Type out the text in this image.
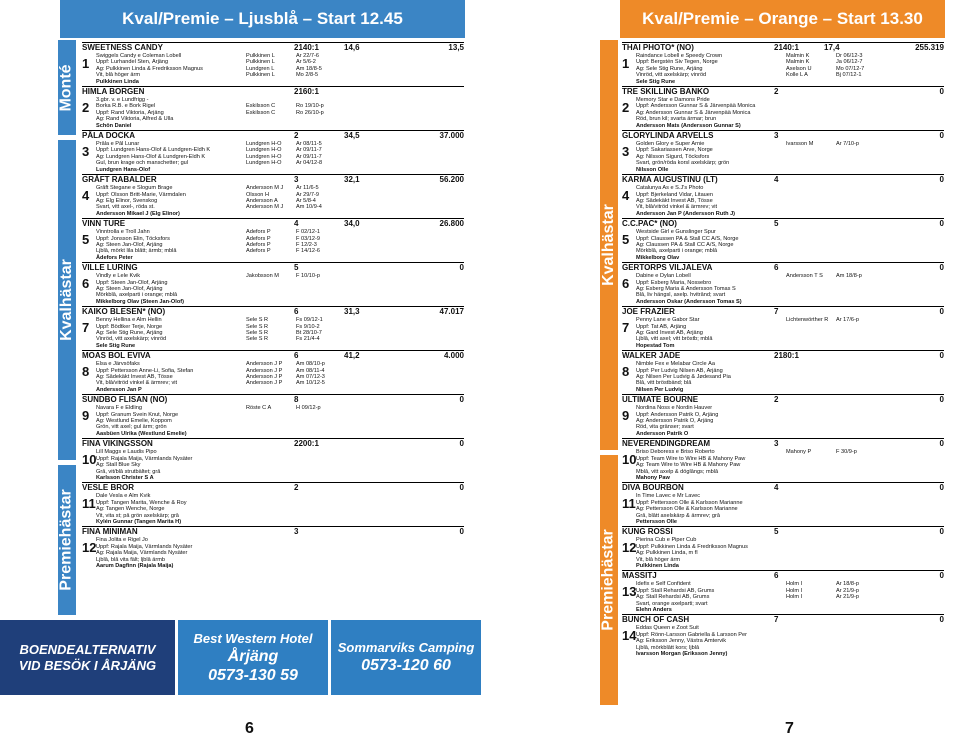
Kval/Premie – Ljusblå – Start 12.45
Monté
Kvalhästar
Premiehästar
SWEETNESS CANDY	2140:1	14,6	13,5
1	Swiggels Candy e Coleman Lobell	Pulkkinen L	År 22/7-6
Uppf: Lurhandel Sten, Årjäng	Pulkkinen L	År 5/6-2
Äg: Pulkkinen Linda & Fredriksson Magnus	Lundgren L	Åm 18/8-5
Vit, blå höger ärm	Pulkkinen L	Mo 2/8-5
Pulkkinen Linda
HIMLA BORGEN	2160:1
2	3.gbr. v. e Lundfrigg -
Borka R.B. e Bork Rigel	Eskilsson C	Ro 19/10-p
Uppf: Rand Viktoria, Årjäng	Eskilsson C	Ro 26/10-p
Äg: Rand Viktoria, Alfred & Ulla
Schön Daniel
PÅLA DOCKA	2	34,5	37.000
3	Pråla e Pål Lunar	Lundgren H-O	År 08/11-5
Uppf: Lundgren Hans-Olof & Lundgren-Eldh K	Lundgren H-O	År 09/11-7
Äg: Lundgren Hans-Olof & Lundgren-Eldh K	Lundgren H-O	År 09/11-7
Gul, brun krage och manschetter; gul	Lundgren H-O	År 04/12-8
Lundgren Hans-Olof
GRÅFT RABALDER	3	32,1	56.200
4	Gråft Stegane e Slogum Brage	Andersson M J	År 11/6-5
Uppf: Olsson Britt-Marie, Värmdalen	Olsson H	År 29/7-9
Äg: Elg Elinor, Svenskog	Andersson A	År 5/8-4
Svart, vitt axel-, röda st.	Andersson M J	Åm 10/9-4
Andersson Mikael J (Elg Elinor)
VINN TURE	4	34,0	26.800
5	Vinntrolla e Troll Jahn	Ådefors P	F 02/12-1
Uppf: Jonsson Elin, Töcksfors	Ådefors P	F 03/12-9
Äg: Steen Jan-Olof, Årjäng	Ådefors P	F 12/2-3
Ljblå, mörkt lila blått; ärmb; mblå	Ådefors P	F 14/12-6
Ådefors Peter
VILLE LURING	5	0
6	Vindly e Lele Kvik	Jakobsson M	F 10/10-p
Uppf: Steen Jan-Olof, Årjäng
Äg: Steen Jan-Olof, Årjäng
Mörkblå, axelparti i orange; mblå
Mikkelborg Olav (Steen Jan-Olof)
KAIKO BLESEN* (NO)	6	31,3	47.017
7	Benny Hellina e Alm Hellin	Sele S R	Fs 09/12-1
Uppf: Bödtker Terje, Norge	Sele S R	Fs 9/10-2
Äg: Sele Stig Rune, Årjäng	Sele S R	Bt 28/10-7
Vinröd, vitt axelskärp; vinröd	Sele S R	Fs 21/4-4
Sele Stig Rune
MOAS BOL EVIVA	6	41,2	4.000
8	Elsa e Järvsöfaks	Andersson J P	Åm 08/10-p
Uppf: Pettersson Anne-Li, Sofia, Stefan	Andersson J P	Åm 08/11-4
Äg: Sådekäkt Invest AB, Tösse	Andersson J P	Åm 07/12-3
Vit, blå/vitröd vinkel & ärmrev; vit	Andersson J P	Åm 10/12-5
Andersson Jan P
SUNDBO FLISAN (NO)	8	0
9	Navara F e Eldling	Röste C A	H 09/12-p
Uppf: Granum Svein Knut, Norge
Äg: Westlund Emelie, Koppom
Grön, vitt axel; gul ärm; grön
Aasbüen Ulrika (Westlund Emelie)
FINA VIKINGSSON	2200:1	0
10 Lill Maggs e Laudis Pipo
Uppf: Rajala Maija, Värmlands Nysäter
Äg: Stall Blue Sky
Grå, vit/blå strutbältet; grå
Karlsson Christer S A
VESLE BROR	2	0
11 Dale Vesla e Alm Kvik
Uppf: Tangen Marita, Wenche & Roy
Äg: Tangen Wenche, Norge
Vit, vita st; på grön axelskärp; grå
Kylén Gunnar (Tangen Marita H)
FINA MINIMAN	3	0
12 Fina Jolita e Rigel Jo
Uppf: Rajala Maija, Värmlands Nysäter
Äg: Rajala Maija, Värmlands Nysäter
Ljblå, blå vita fält; ljblå ärmb
Aarum Dagfinn (Rajala Maija)
BOENDEALTERNATIV
VID BESÖK I ÅRJÄNG
Best Western Hotel
Årjäng
0573-130 59
6
Sommarviks Camping
0573-120 60
Kval/Premie – Orange – Start 13.30
Kvalhästar
Premiehästar
THAI PHOTO* (NO)	2140:1	17,4	255.319
1	Raindance Lobell e Speedy Crown	Malmin K	Dr 06/12-3
Uppf: Bergstén Siv Tegen, Norge	Malmin K	Ja 06/12-7
Äg: Sele Stig Rune, Årjäng	Axelson U	Mo 07/12-7
Vinröd, vitt axelskärp; vinröd	Kolle L A	Bj 07/12-1
Sele Stig Rune
TRE SKILLING BANKO	2	0
2	Memory Star e Damons Pride
Uppf: Andersson Gunnar S & Järvenpää Monica
Äg: Andersson Gunnar S & Järvenpää Monica
Röd, brun kil; svarta ärmar; brun
Andersson Mats (Andersson Gunnar S)
GLORYLINDA ARVELLS	3	0
3	Golden Glory e Super Arnie	Ivarsson M	År 7/10-p
Uppf: Sakariassen Arve, Norge
Äg: Nilsson Sigurd, Töcksfors
Svart, grön/röda korsl axelskärp; grön
Nilsson Olle
KARMA AUGUSTINU (LT)	4	0
4	Catalunya As e S.J's Photo
Uppf: Bjerkeland Vidar, Litauen
Äg: Sådekäkt Invest AB, Tösse
Vit, blå/vitröd vinkel & ärmrev; vit
Andersson Jan P (Andersson Ruth J)
C.C.PAC* (NO)	5	0
5	Westside Girl e Gunslinger Spur
Uppf: Claussen PA & Stall CC A/S, Norge
Äg: Claussen PA & Stall CC A/S, Norge
Mörkblå, axelparti i orange; mblå
Mikkelborg Olav
GERTORPS VILJALEVA	6	0
6	Dabine e Dylan Lobell	Andersson T S	Åm 18/8-p
Uppf: Esberg Maria, Nossebro
Äg: Esberg Maria & Andersson Tomas S
Blå, liv hängsl, axelp. hvitrånd; svart
Andersson Oskar (Andersson Tomas S)
JOE FRAZIER	7	0
7	Penny Lane e Gabor Star	Lichtenwörther R	År 17/6-p
Uppf: Tat AB, Årjäng
Äg: Gard Invest AB, Årjäng
Ljblå, vitt axel; vitt bröstb; mblå
Hopestad Tom
WALKER JADE	2180:1	0
8	Nimble Fex e Melabar Circle Åa
Uppf: Per Ludvig Nilsen AB, Årjäng
Äg: Nilsen Per Ludvig & Jødesand Pia
Blå, vitt bröstbänd; blå
Nilsen Per Ludvig
ULTIMATE BOURNE	2	0
9	Nordina Noss e Nordin Hauver
Uppf: Andersson Patrik O, Årjäng
Äg: Andersson Patrik O, Årjäng
Röd, vita gränser; svart
Andersson Patrik O
NEVERENDINGDREAM	3	0
10 Briso Deboress e Briso Roberto	Mahony P	F 30/9-p
Uppf: Team Wire to Wire HB & Mahony Paw
Äg: Team Wire to Wire HB & Mahony Paw
Mblå, vitt axelp & döglångs; mblå
Mahony Paw
DIVA BOURBON	4	0
11 In Time Lavec e Mr Lavec
Uppf: Pettersson Olle & Karlsson Marianne
Äg: Pettersson Olle & Karlsson Marianne
Grå, blått axelskärp & ärmrev; grå
Pettersson Olle
KUNG ROSSI	5	0
12 Pierina Cub e Piper Cub
Uppf: Pulkkinen Linda & Fredriksson Magnus
Äg: Pulkkinen Linda, m fl
Vit, blå höger ärm
Pulkkinen Linda
MASSITJ	6	0
13 Idefix e Self Confident	Holm I	År 18/8-p
Uppf: Stall Rehardsi AB, Grums	Holm I	År 21/9-p
Äg: Stall Rehardsi AB, Grums	Holm I	År 21/9-p
Svart, orange axelparti; svart
Elehn Anders
BUNCH OF CASH	7	0
14 Eddas Queen e Zoot Suit
Uppf: Rönn-Larsson Gabriella & Larsson Per
Äg: Eriksson Jenny, Västra Ämtervik
Ljblå, mörkblått kors; ljblå
Ivarsson Morgan (Eriksson Jenny)
7
